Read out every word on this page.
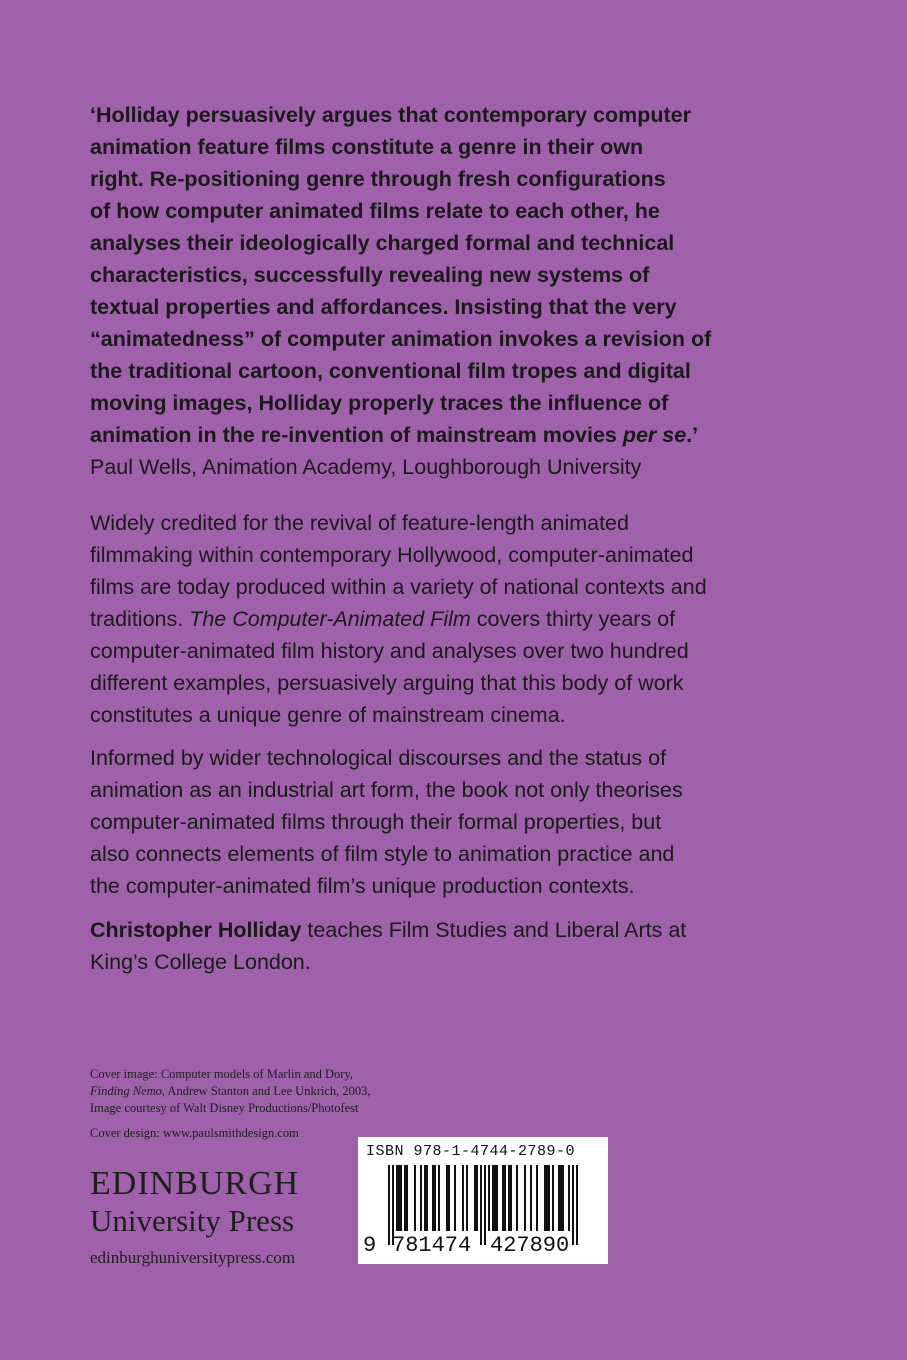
‘Holliday persuasively argues that contemporary computer
animation feature films constitute a genre in their own
right. Re-positioning genre through fresh configurations
of how computer animated films relate to each other, he
analyses their ideologically charged formal and technical
characteristics, successfully revealing new systems of
textual properties and affordances. Insisting that the very
“animatedness” of computer animation invokes a revision of
the traditional cartoon, conventional film tropes and digital
moving images, Holliday properly traces the influence of
animation in the re-invention of mainstream movies per se.’
Paul Wells, Animation Academy, Loughborough University
Widely credited for the revival of feature-length animated
filmmaking within contemporary Hollywood, computer-animated
films are today produced within a variety of national contexts and
traditions. The Computer-Animated Film covers thirty years of
computer-animated film history and analyses over two hundred
different examples, persuasively arguing that this body of work
constitutes a unique genre of mainstream cinema.
Informed by wider technological discourses and the status of
animation as an industrial art form, the book not only theorises
computer-animated films through their formal properties, but
also connects elements of film style to animation practice and
the computer-animated film’s unique production contexts.
Christopher Holliday teaches Film Studies and Liberal Arts at
King’s College London.
Cover image: Computer models of Marlin and Dory,
Finding Nemo, Andrew Stanton and Lee Unkrich, 2003,
Image courtesy of Walt Disney Productions/Photofest
Cover design: www.paulsmithdesign.com
EDINBURGH
University Press
edinburghuniversitypress.com
ISBN 978-1-4744-2789-0
9 781474 427890
